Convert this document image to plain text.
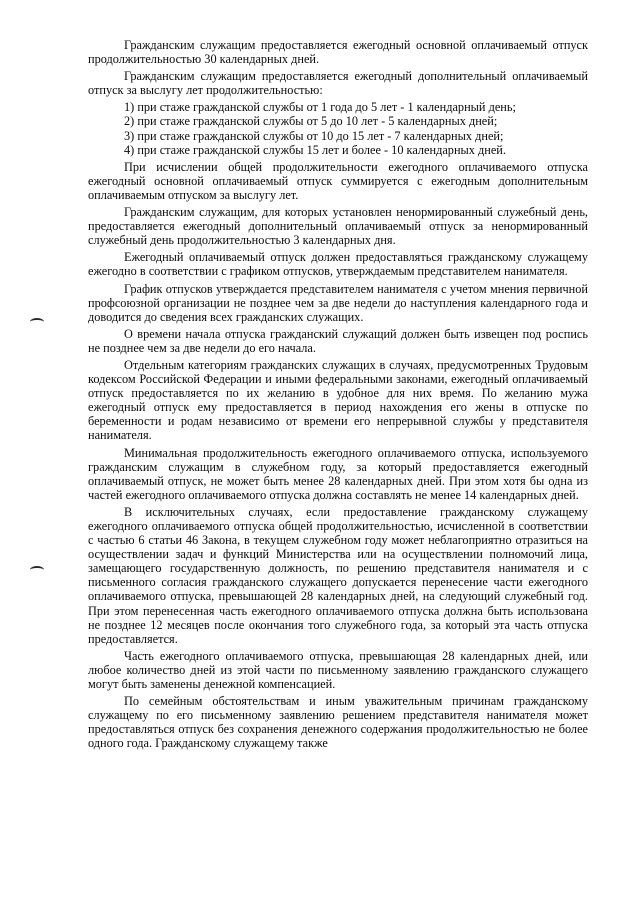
Гражданским служащим предоставляется ежегодный основной оплачиваемый отпуск продолжительностью 30 календарных дней.

Гражданским служащим предоставляется ежегодный дополнительный оплачиваемый отпуск за выслугу лет продолжительностью:

1) при стаже гражданской службы от 1 года до 5 лет - 1 календарный день;

2) при стаже гражданской службы от 5 до 10 лет - 5 календарных дней;

3) при стаже гражданской службы от 10 до 15 лет - 7 календарных дней;

4) при стаже гражданской службы 15 лет и более - 10 календарных дней.

При исчислении общей продолжительности ежегодного оплачиваемого отпуска ежегодный основной оплачиваемый отпуск суммируется с ежегодным дополнительным оплачиваемым отпуском за выслугу лет.

Гражданским служащим, для которых установлен ненормированный служебный день, предоставляется ежегодный дополнительный оплачиваемый отпуск за ненормированный служебный день продолжительностью 3 календарных дня.

Ежегодный оплачиваемый отпуск должен предоставляться гражданскому служащему ежегодно в соответствии с графиком отпусков, утверждаемым представителем нанимателя.

График отпусков утверждается представителем нанимателя с учетом мнения первичной профсоюзной организации не позднее чем за две недели до наступления календарного года и доводится до сведения всех гражданских служащих.

О времени начала отпуска гражданский служащий должен быть извещен под роспись не позднее чем за две недели до его начала.

Отдельным категориям гражданских служащих в случаях, предусмотренных Трудовым кодексом Российской Федерации и иными федеральными законами, ежегодный оплачиваемый отпуск предоставляется по их желанию в удобное для них время. По желанию мужа ежегодный отпуск ему предоставляется в период нахождения его жены в отпуске по беременности и родам независимо от времени его непрерывной службы у представителя нанимателя.

Минимальная продолжительность ежегодного оплачиваемого отпуска, используемого гражданским служащим в служебном году, за который предоставляется ежегодный оплачиваемый отпуск, не может быть менее 28 календарных дней. При этом хотя бы одна из частей ежегодного оплачиваемого отпуска должна составлять не менее 14 календарных дней.

В исключительных случаях, если предоставление гражданскому служащему ежегодного оплачиваемого отпуска общей продолжительностью, исчисленной в соответствии с частью 6 статьи 46 Закона, в текущем служебном году может неблагоприятно отразиться на осуществлении задач и функций Министерства или на осуществлении полномочий лица, замещающего государственную должность, по решению представителя нанимателя и с письменного согласия гражданского служащего допускается перенесение части ежегодного оплачиваемого отпуска, превышающей 28 календарных дней, на следующий служебный год. При этом перенесенная часть ежегодного оплачиваемого отпуска должна быть использована не позднее 12 месяцев после окончания того служебного года, за который эта часть отпуска предоставляется.

Часть ежегодного оплачиваемого отпуска, превышающая 28 календарных дней, или любое количество дней из этой части по письменному заявлению гражданского служащего могут быть заменены денежной компенсацией.

По семейным обстоятельствам и иным уважительным причинам гражданскому служащему по его письменному заявлению решением представителя нанимателя может предоставляться отпуск без сохранения денежного содержания продолжительностью не более одного года. Гражданскому служащему также
